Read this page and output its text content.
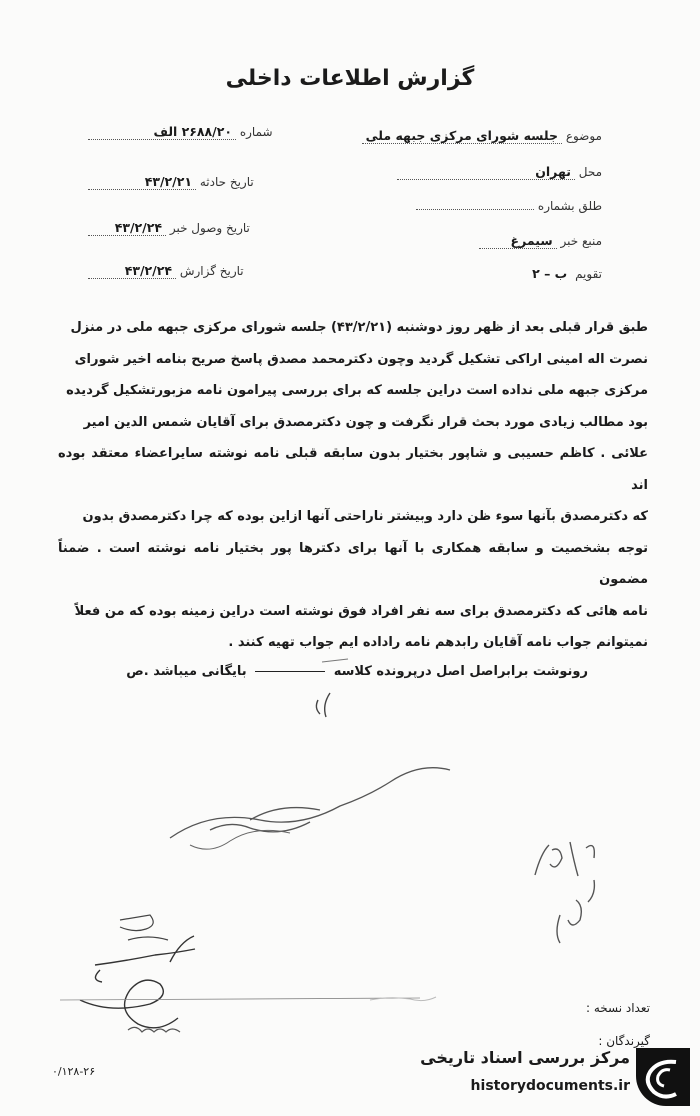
گزارش اطلاعات داخلی
موضوع جلسه شورای مرکزی جبهه ملی
محل تهران
طلق بشماره
منبع خبر سیمرغ
تقویم ب – ۲
شماره ۲۶۸۸/۲۰ الف
تاریخ حادثه ۴۳/۲/۲۱
تاریخ وصول خبر ۴۳/۲/۲۴
تاریخ گزارش ۴۳/۲/۲۴

طبق قرار قبلی بعد از ظهر روز دوشنبه (۴۳/۲/۲۱) جلسه شورای مرکزی جبهه ملی در منزل

نصرت اله امینی اراکی تشکیل گردید وچون دکترمحمد مصدق پاسخ صریح بنامه اخیر شورای

مرکزی جبهه ملی نداده است دراین جلسه که برای بررسی پیرامون نامه مزبورتشکیل گردیده

بود مطالب زیادی مورد بحث قرار نگرفت و چون دکترمصدق برای آقایان شمس الدین امیر

علائی . کاظم حسیبی و شاپور بختیار بدون سابقه قبلی نامه نوشته سایراعضاء معتقد بوده اند

که دکترمصدق بآنها سوء ظن دارد وبیشتر ناراحتی آنها ازاین بوده که چرا دکترمصدق بدون

توجه بشخصیت و سابقه همکاری با آنها برای دکترها پور بختیار نامه نوشته است . ضمناً مضمون

نامه هائی که دکترمصدق برای سه نفر افراد فوق نوشته است دراین زمینه بوده که من فعلاً

نمیتوانم جواب نامه آقایان رابدهم نامه راداده ایم جواب تهیه کنند .

رونوشت برابراصل اصل درپرونده کلاسه  بایگانی میباشد .ص
تعداد نسخه :
گیرندگان :
۰/۱۲۸-۲۶
مرکز بررسی اسناد تاریخی
historydocuments.ir
